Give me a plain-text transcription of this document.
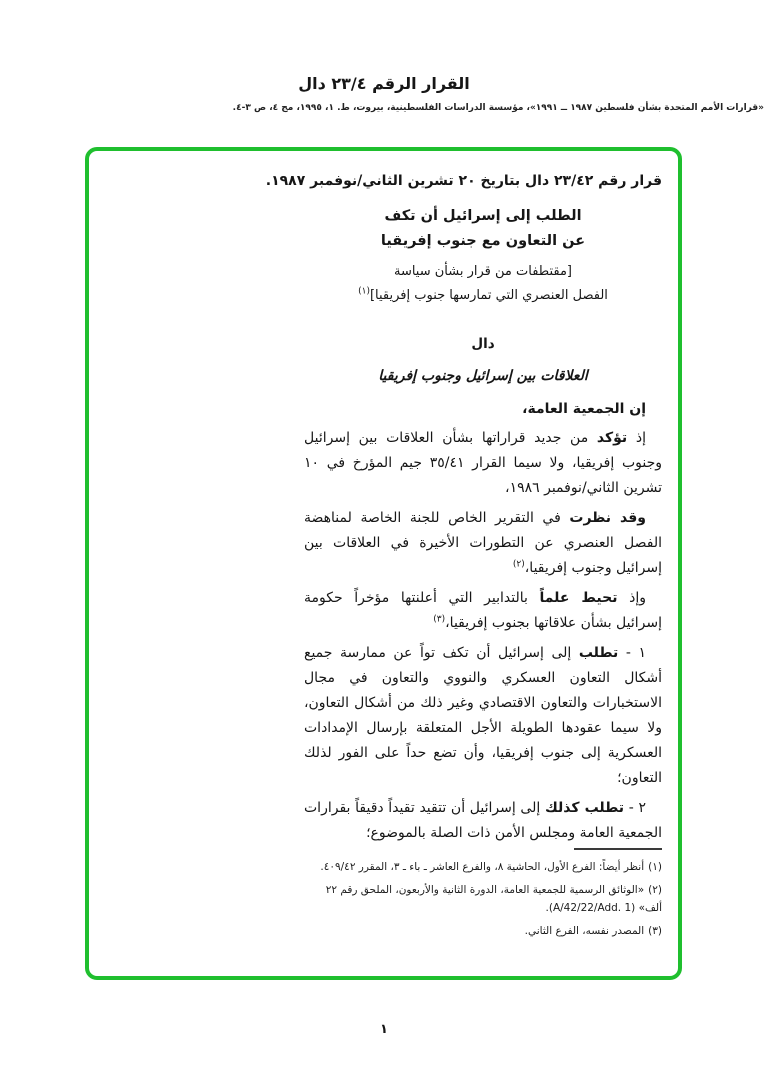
القرار الرقم ٢٣/٤ دال
«قرارات الأمم المتحدة بشأن فلسطين ١٩٨٧ ــ ١٩٩١»، مؤسسة الدراسات الفلسطينية، بيروت، ط. ١، ١٩٩٥، مج ٤، ص ٣-٤.
قرار رقم ٢٣/٤٢ دال بتاريخ ٢٠ تشرين الثاني/نوفمبر ١٩٨٧.
الطلب إلى إسرائيل أن تكف
عن التعاون مع جنوب إفريقيا
[مقتطفات من قرار بشأن سياسة
الفصل العنصري التي تمارسها جنوب إفريقيا]$^{(١)}$
دال
العلاقات بين إسرائيل وجنوب إفريقيا
إن الجمعية العامة،

إذ تؤكد من جديد قراراتها بشأن العلاقات بين إسرائيل وجنوب إفريقيا، ولا سيما القرار ٣٥/٤١ جيم المؤرخ في ١٠ تشرين الثاني/نوفمبر ١٩٨٦،

وقد نظرت في التقرير الخاص للجنة الخاصة لمناهضة الفصل العنصري عن التطورات الأخيرة في العلاقات بين إسرائيل وجنوب إفريقيا،$^{(٢)}$

وإذ تحيط علماً بالتدابير التي أعلنتها مؤخراً حكومة إسرائيل بشأن علاقاتها بجنوب إفريقيا،$^{(٣)}$

١ - تطلب إلى إسرائيل أن تكف تواً عن ممارسة جميع أشكال التعاون العسكري والنووي والتعاون في مجال الاستخبارات والتعاون الاقتصادي وغير ذلك من أشكال التعاون، ولا سيما عقودها الطويلة الأجل المتعلقة بإرسال الإمدادات العسكرية إلى جنوب إفريقيا، وأن تضع حداً على الفور لذلك التعاون؛

٢ - تطلب كذلك إلى إسرائيل أن تتقيد تقيداً دقيقاً بقرارات الجمعية العامة ومجلس الأمن ذات الصلة بالموضوع؛

(١)أنظر أيضاً: الفرع الأول، الحاشية ٨، والفرع العاشر ـ باء ـ ٣، المقرر ٤٠٩/٤٢.
(٢)«الوثائق الرسمية للجمعية العامة، الدورة الثانية والأربعون، الملحق رقم ٢٢ ألف» (A/42/22/Add. 1).
(٣)المصدر نفسه، الفرع الثاني.
١
